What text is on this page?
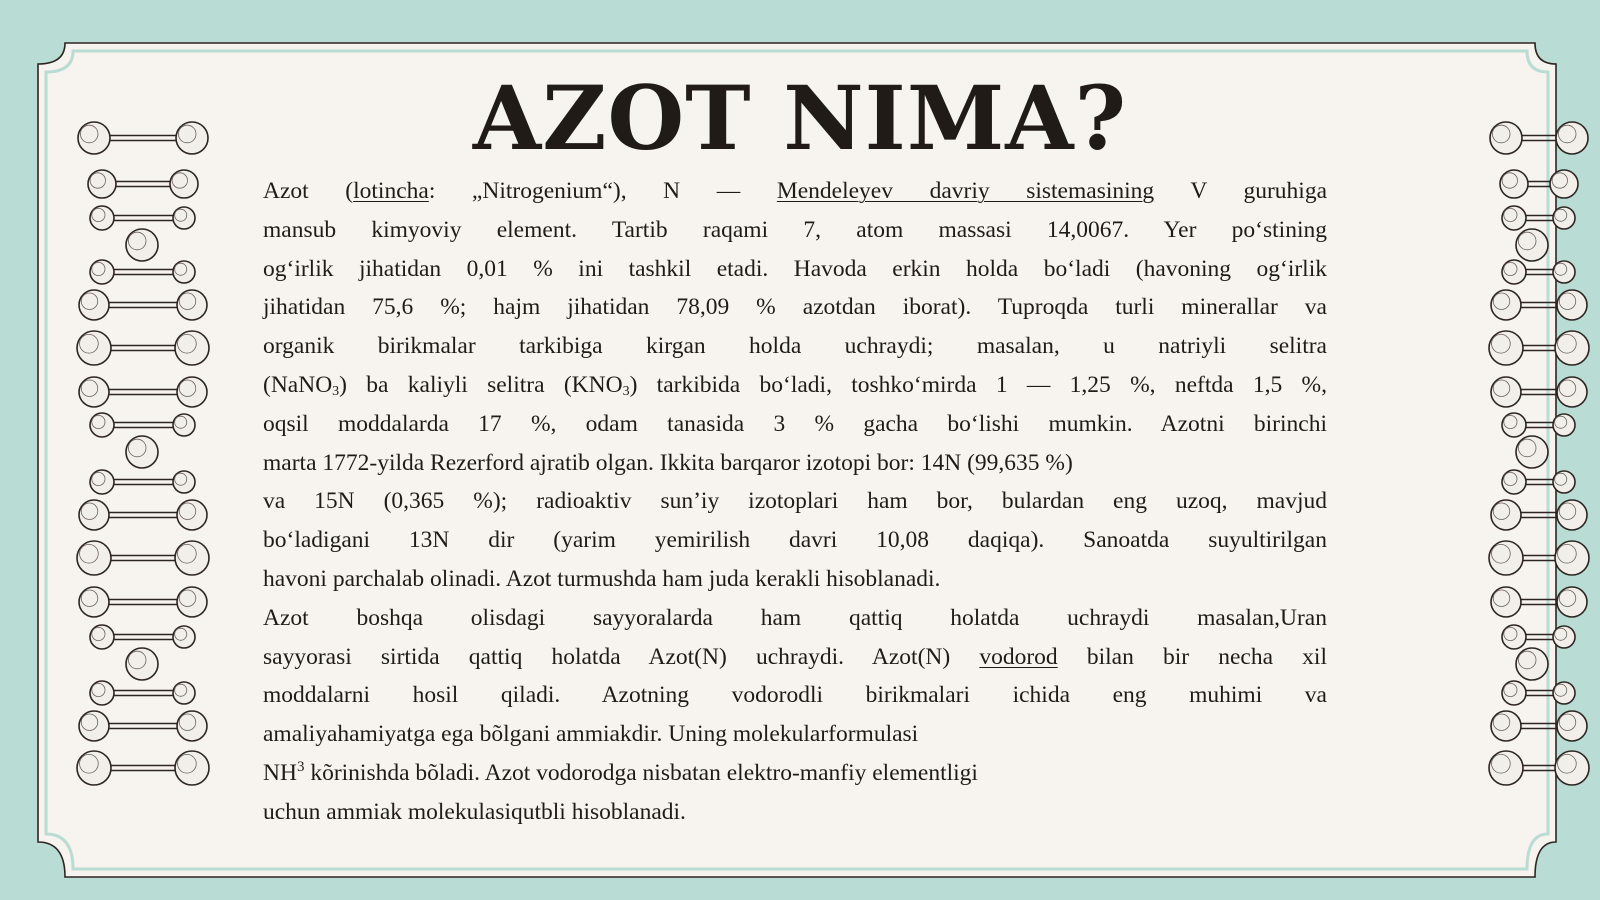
AZOT NIMA?
Azot (lotincha: „Nitrogenium“), N — Mendeleyev davriy sistemasining V guruhiga
mansub kimyoviy element. Tartib raqami 7, atom massasi 14,0067. Yer poʻstining
ogʻirlik jihatidan 0,01 % ini tashkil etadi. Havoda erkin holda boʻladi (havoning ogʻirlik
jihatidan 75,6 %; hajm jihatidan 78,09 % azotdan iborat). Tuproqda turli minerallar va
organik birikmalar tarkibiga kirgan holda uchraydi; masalan, u natriyli selitra
(NaNO$_3$) ba kaliyli selitra $(KNO_3)$ tarkibida boʻladi, toshkoʻmirda 1 — 1,25 %, neftda 1,5 %,
oqsil moddalarda 17 %, odam tanasida 3 % gacha boʻlishi mumkin. Azotni birinchi
marta 1772-yilda Rezerford ajratib olgan. Ikkita barqaror izotopi bor: 14N (99,635 %)
va 15N (0,365 %); radioaktiv sunʼiy izotoplari ham bor, bulardan eng uzoq, mavjud
boʻladigani 13N dir (yarim yemirilish davri 10,08 daqiqa). Sanoatda suyultirilgan
havoni parchalab olinadi. Azot turmushda ham juda kerakli hisoblanadi.
Azot boshqa olisdagi sayyoralarda ham qattiq holatda uchraydi masalan,Uran
sayyorasi sirtida qattiq holatda Azot(N) uchraydi. Azot(N) vodorod bilan bir necha xil
moddalarni hosil qiladi. Azotning vodorodli birikmalari ichida eng muhimi va
amaliyahamiyatga ega bõlgani ammiakdir. Uning molekularformulasi
$NH^3$ kõrinishda bõladi. Azot vodorodga nisbatan elektro-manfiy elementligi
uchun ammiak molekulasiqutbli hisoblanadi.
